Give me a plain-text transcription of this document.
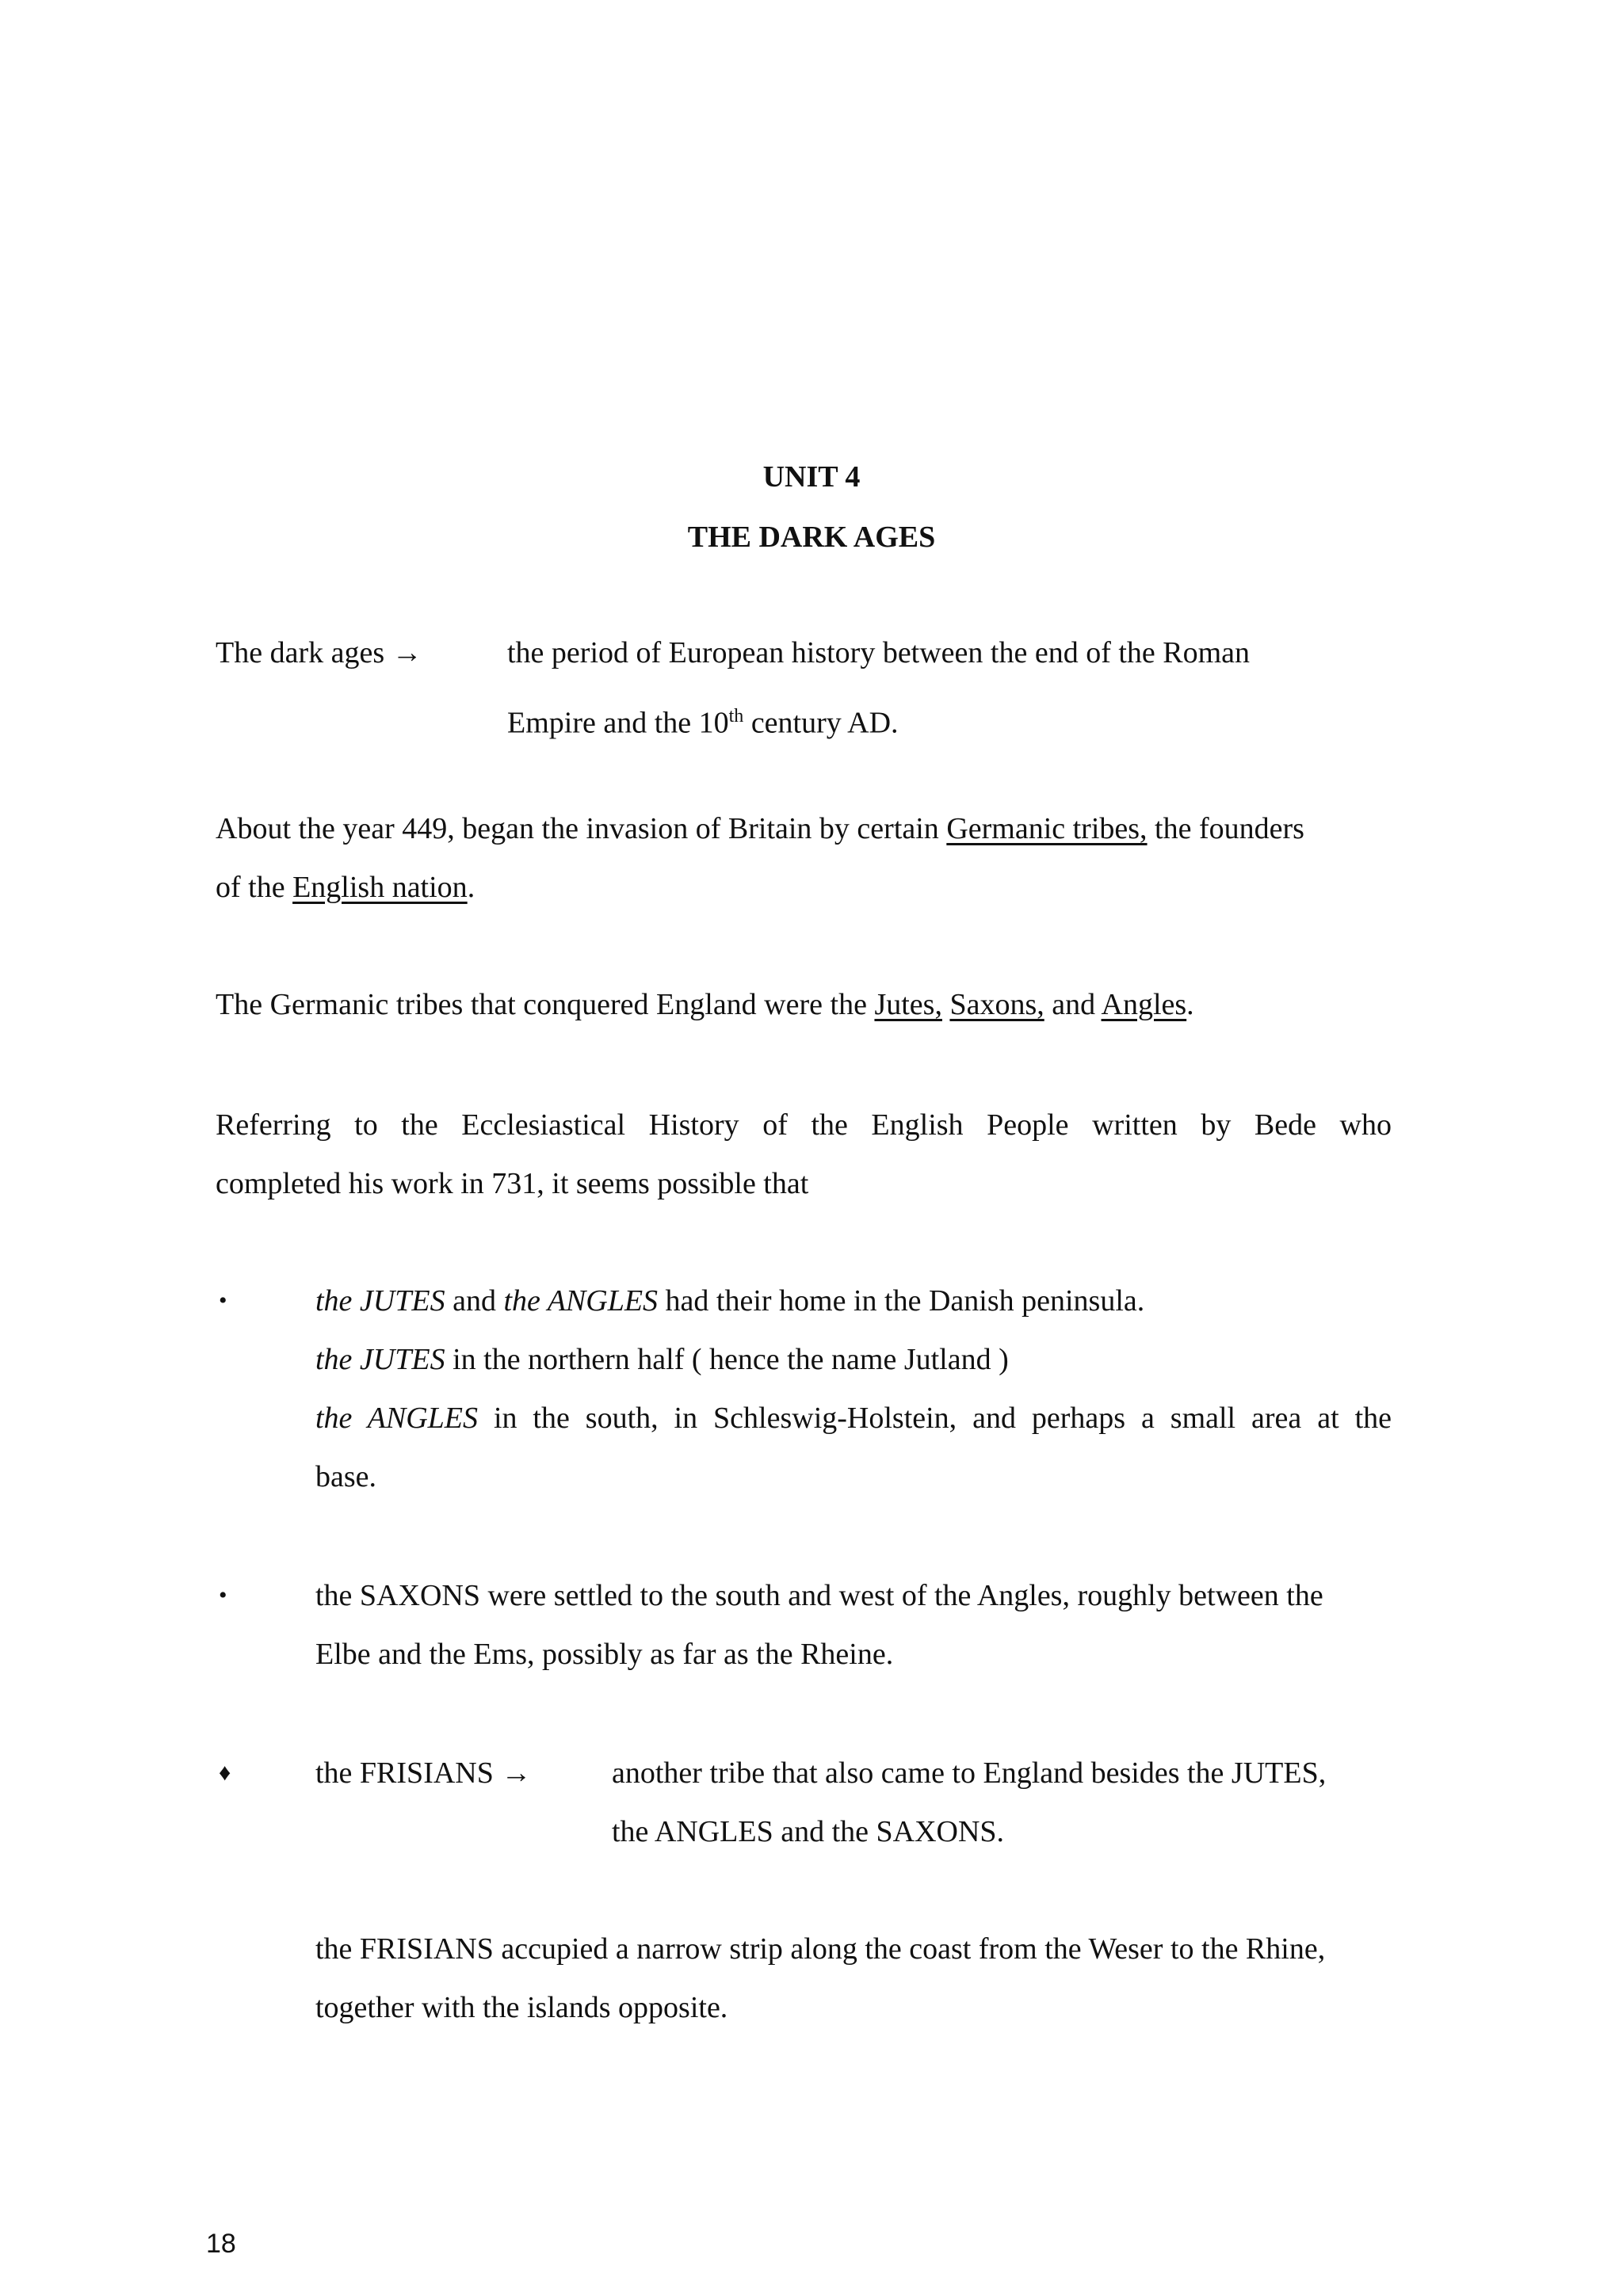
UNIT 4
THE DARK AGES
The dark ages →	the period of European history between the end of the Roman
Empire and the 10th century AD.
About the year 449, began the invasion of Britain by certain Germanic tribes, the founders
of the English nation.
The Germanic tribes that conquered England were the Jutes, Saxons, and Angles.
Referring to the Ecclesiastical History of the English People written by Bede who
completed his work in 731, it seems possible that
•	the JUTES and the ANGLES had their home in the Danish peninsula.
the JUTES in the northern half ( hence the name Jutland )
the ANGLES in the south, in Schleswig-Holstein, and perhaps a small area at the
base.
•	the SAXONS were settled to the south and west of the Angles, roughly between the
Elbe and the Ems, possibly as far as the Rheine.
♦	the FRISIANS →	another tribe that also came to England besides the JUTES,
the ANGLES and the SAXONS.
the FRISIANS accupied a narrow strip along the coast from the Weser to the Rhine,
together with the islands opposite.
18
